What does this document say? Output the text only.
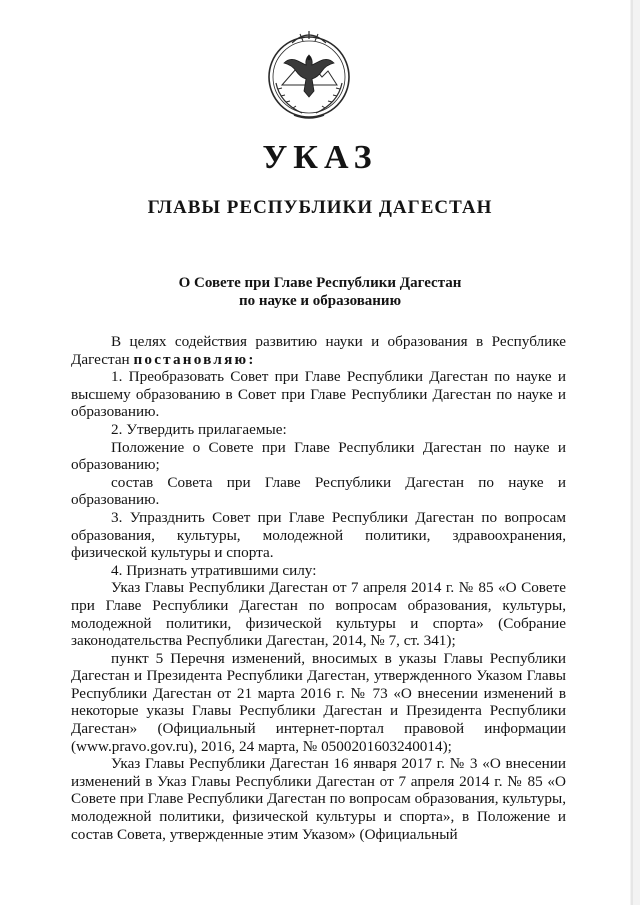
УКАЗ
ГЛАВЫ РЕСПУБЛИКИ ДАГЕСТАН
О Совете при Главе Республики Дагестан
по науке и образованию

В целях содействия развитию науки и образования в Республике Дагестан постановляю:

1. Преобразовать Совет при Главе Республики Дагестан по науке и высшему образованию в Совет при Главе Республики Дагестан по науке и образованию.

2. Утвердить прилагаемые:

Положение о Совете при Главе Республики Дагестан по науке и образованию;

состав Совета при Главе Республики Дагестан по науке и образованию.

3. Упразднить Совет при Главе Республики Дагестан по вопросам образования, культуры, молодежной политики, здравоохранения, физической культуры и спорта.

4. Признать утратившими силу:

Указ Главы Республики Дагестан от 7 апреля 2014 г. № 85 «О Совете при Главе Республики Дагестан по вопросам образования, культуры, молодежной политики, физической культуры и спорта» (Собрание законодательства Республики Дагестан, 2014, № 7, ст. 341);

пункт 5 Перечня изменений, вносимых в указы Главы Республики Дагестан и Президента Республики Дагестан, утвержденного Указом Главы Республики Дагестан от 21 марта 2016 г. № 73 «О внесении изменений в некоторые указы Главы Республики Дагестан и Президента Республики Дагестан» (Официальный интернет-портал правовой информации (www.pravo.gov.ru), 2016, 24 марта, № 0500201603240014);

Указ Главы Республики Дагестан 16 января 2017 г. № 3 «О внесении изменений в Указ Главы Республики Дагестан от 7 апреля 2014 г. № 85 «О Совете при Главе Республики Дагестан по вопросам образования, культуры, молодежной политики, физической культуры и спорта», в Положение и состав Совета, утвержденные этим Указом» (Официальный
